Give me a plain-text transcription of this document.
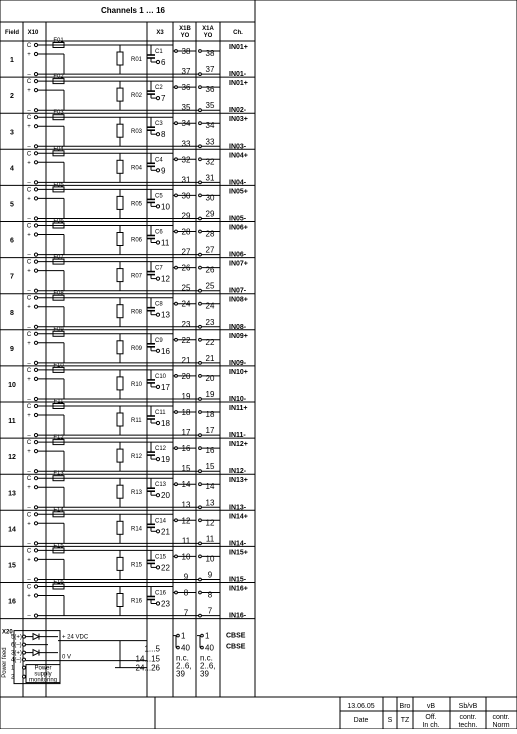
Channels 1 … 16
Field X10	X3
X1B
YO
X1A
YO	Ch.
1
C
+
–
F01
R01
C1
6
38 38
37 37
IN01+
IN01-
2
C
+
–
F02
R02
C2
7
36 36
35 35
IN01+
IN02-
3
C
+
–
F03
R03
C3
8
34 34
33 33
IN03+
IN03-
4
C
+
–
F04
R04
C4
9
32 32
31 31
IN04+
IN04-
5
C
+
–
F05
R05
C5
10
30 30
29 29
IN05+
IN05-
6
C
+
–
F06
R06
C6
11
28 28
27 27
IN06+
IN06-
7
C
+
–
F07
R07
C7
12
26 26
25 25
IN07+
IN07-
8
C
+
–
F08
R08
C8
13
24 24
23 23
IN08+
IN08-
9
C
+
–
F09
R09
C9
16
22 22
21 21
IN09+
IN09-
10
C
+
–
F10
R10
C10
17
20 20
19 19
IN10+
IN10-
11
C
+
–
F11
R11
C11
18
18 18
17 17
IN11+
IN11-
12
C
+
–
F12
R12
C12
19
16 16
15 15
IN12+
IN12-
13
C
+
–
F13
R13
C13
20
14 14
13 13
IN13+
IN13-
14
C
+
–
F14
R14
C14
21
12 12
11 11
IN14+
IN14-
15
C
+
–
F15
R15
C15
22
10 10
9 9
IN15+
IN15-
16
C
+
–
F16
R16
C16
23
8 8
7 7
IN16+
IN16-
X20
Power feed
5(+)
6(–)
3(+)
4(–)
1
2
Power
supply
monitoring
+ 24 VDC
0 V
1...5
14...15
24...26
1
40
n.c.
2..6,
39
1
40
n.c.
2..6,
39
CBSE
CBSE
13.06.05
Date
Bro
S TZ
vB
Off.
In ch.
Sb/vB
contr.
techn.
contr.
Norm
